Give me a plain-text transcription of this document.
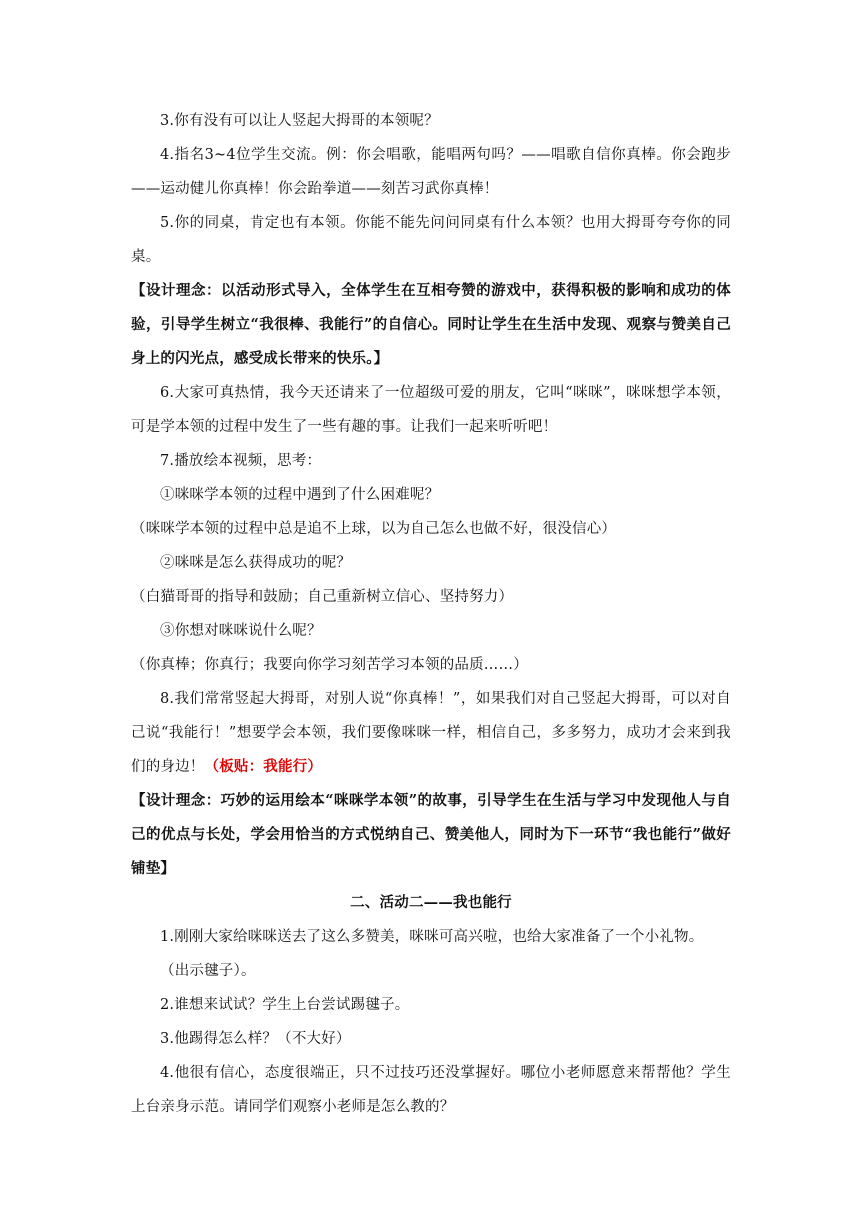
3.你有没有可以让人竖起大拇哥的本领呢？

4.指名3~4位学生交流。例：你会唱歌，能唱两句吗？——唱歌自信你真棒。你会跑步——运动健儿你真棒！你会跆拳道——刻苦习武你真棒！

5.你的同桌，肯定也有本领。你能不能先问问同桌有什么本领？也用大拇哥夸夸你的同桌。

【设计理念：以活动形式导入，全体学生在互相夸赞的游戏中，获得积极的影响和成功的体验，引导学生树立“我很棒、我能行”的自信心。同时让学生在生活中发现、观察与赞美自己身上的闪光点，感受成长带来的快乐。】

6.大家可真热情，我今天还请来了一位超级可爱的朋友，它叫“咪咪”，咪咪想学本领，可是学本领的过程中发生了一些有趣的事。让我们一起来听听吧！

7.播放绘本视频，思考：

①咪咪学本领的过程中遇到了什么困难呢？

（咪咪学本领的过程中总是追不上球，以为自己怎么也做不好，很没信心）

②咪咪是怎么获得成功的呢？

（白猫哥哥的指导和鼓励；自己重新树立信心、坚持努力）

③你想对咪咪说什么呢？

（你真棒；你真行；我要向你学习刻苦学习本领的品质……）

8.我们常常竖起大拇哥，对别人说“你真棒！”，如果我们对自己竖起大拇哥，可以对自己说“我能行！”想要学会本领，我们要像咪咪一样，相信自己，多多努力，成功才会来到我们的身边！（板贴：我能行）

【设计理念：巧妙的运用绘本“咪咪学本领”的故事，引导学生在生活与学习中发现他人与自己的优点与长处，学会用恰当的方式悦纳自己、赞美他人，同时为下一环节“我也能行”做好铺垫】

二、活动二——我也能行

1.刚刚大家给咪咪送去了这么多赞美，咪咪可高兴啦，也给大家准备了一个小礼物。

（出示毽子）。

2.谁想来试试？学生上台尝试踢毽子。

3.他踢得怎么样？（不大好）

4.他很有信心，态度很端正，只不过技巧还没掌握好。哪位小老师愿意来帮帮他？学生上台亲身示范。请同学们观察小老师是怎么教的？
